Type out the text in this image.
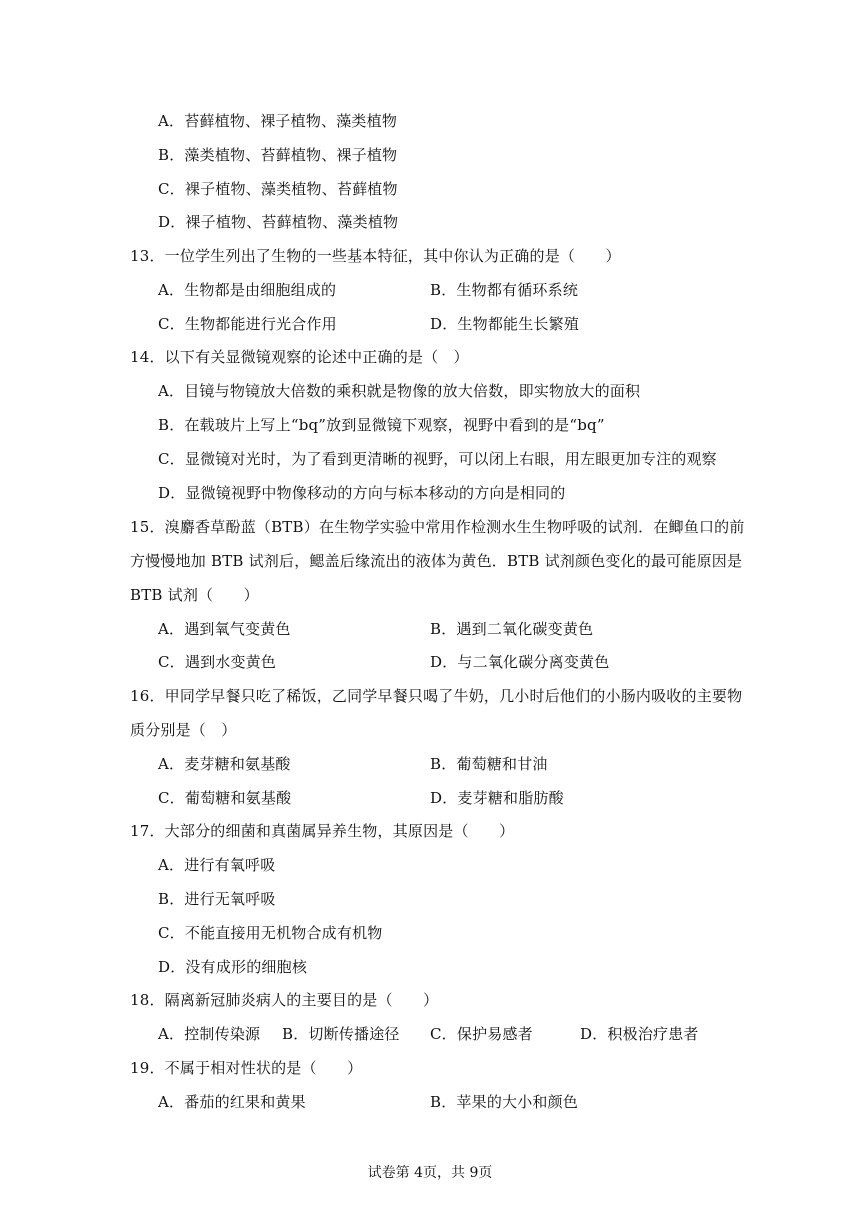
A．苔藓植物、裸子植物、藻类植物
B．藻类植物、苔藓植物、裸子植物
C．裸子植物、藻类植物、苔藓植物
D．裸子植物、苔藓植物、藻类植物
13．一位学生列出了生物的一些基本特征，其中你认为正确的是（　　）
A．生物都是由细胞组成的	B．生物都有循环系统
C．生物都能进行光合作用	D．生物都能生长繁殖
14．以下有关显微镜观察的论述中正确的是（　）
A．目镜与物镜放大倍数的乘积就是物像的放大倍数，即实物放大的面积
B．在载玻片上写上“bq”放到显微镜下观察，视野中看到的是“bq”
C．显微镜对光时，为了看到更清晰的视野，可以闭上右眼，用左眼更加专注的观察
D．显微镜视野中物像移动的方向与标本移动的方向是相同的
15．溴麝香草酚蓝（BTB）在生物学实验中常用作检测水生生物呼吸的试剂．在鲫鱼口的前
方慢慢地加 BTB 试剂后，鳃盖后缘流出的液体为黄色．BTB 试剂颜色变化的最可能原因是
BTB 试剂（　　）
A．遇到氧气变黄色	B．遇到二氧化碳变黄色
C．遇到水变黄色	D．与二氧化碳分离变黄色
16．甲同学早餐只吃了稀饭，乙同学早餐只喝了牛奶，几小时后他们的小肠内吸收的主要物
质分别是（　）
A．麦芽糖和氨基酸	B．葡萄糖和甘油
C．葡萄糖和氨基酸	D．麦芽糖和脂肪酸
17．大部分的细菌和真菌属异养生物，其原因是（　　）
A．进行有氧呼吸
B．进行无氧呼吸
C．不能直接用无机物合成有机物
D．没有成形的细胞核
18．隔离新冠肺炎病人的主要目的是（　　）
A．控制传染源 B．切断传播途径 C．保护易感者	D．积极治疗患者
19．不属于相对性状的是（　　）
A．番茄的红果和黄果	B．苹果的大小和颜色
试卷第 4页，共 9页
